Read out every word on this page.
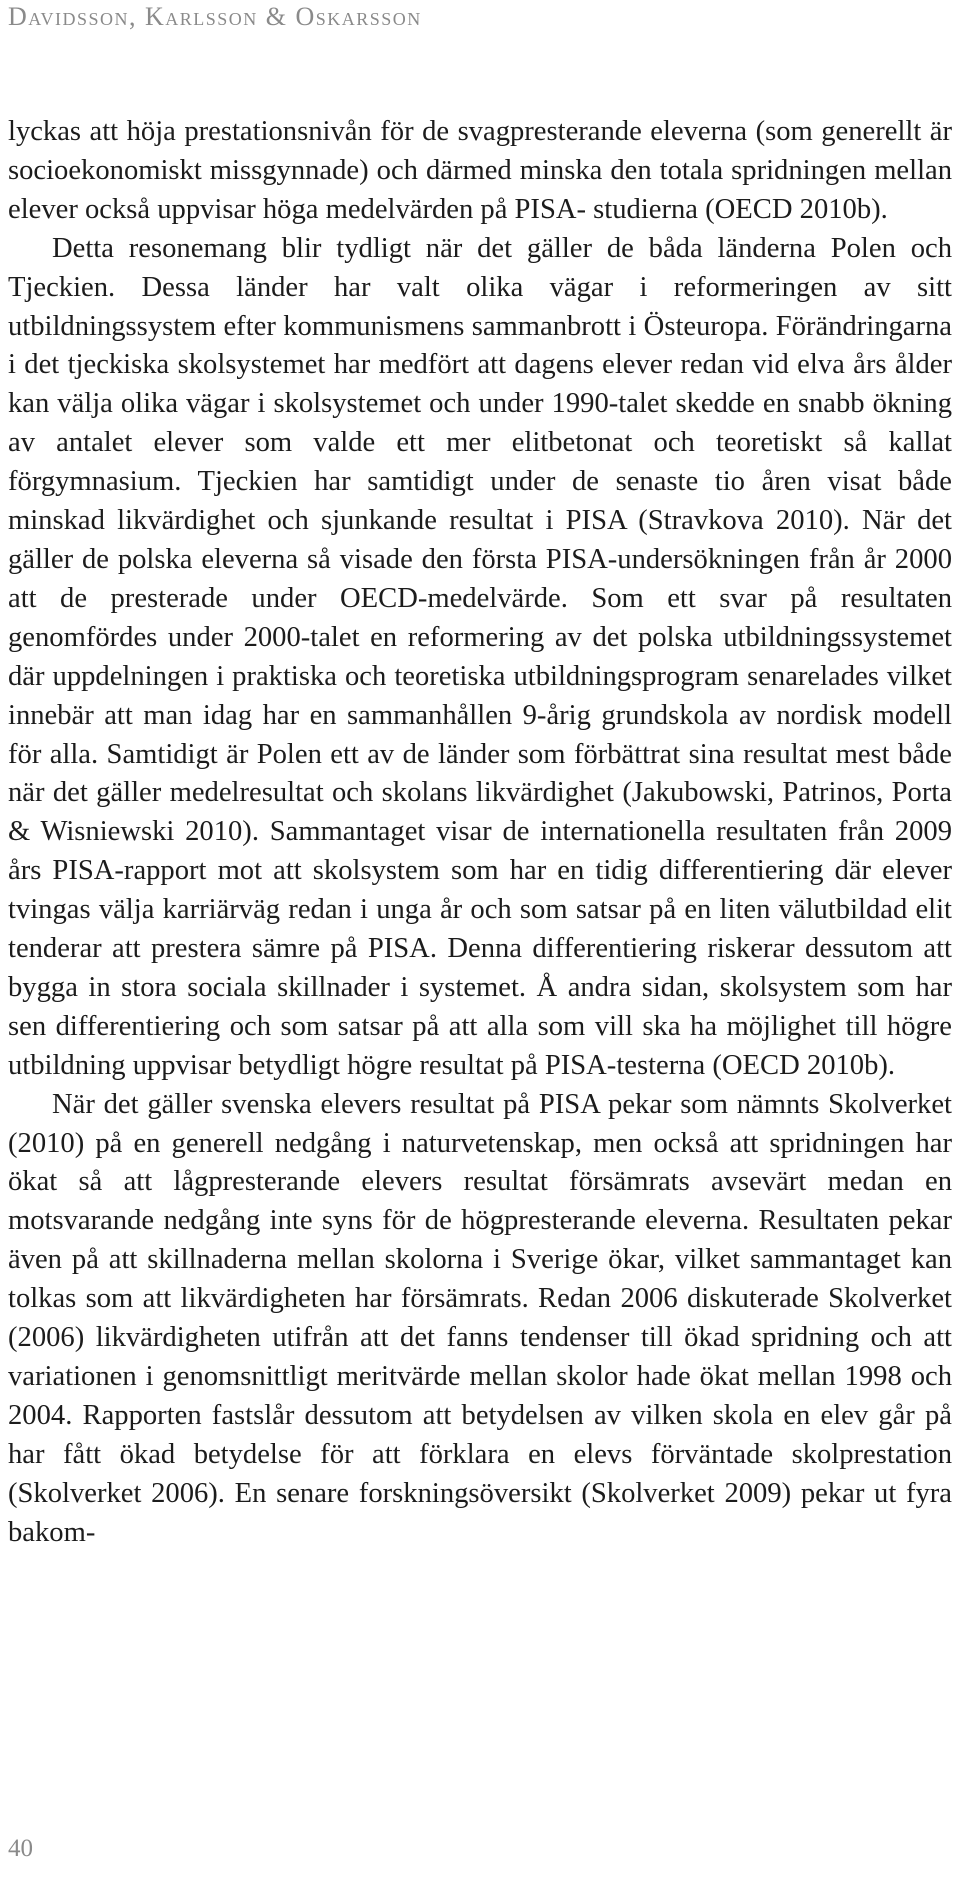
Davidsson, Karlsson & Oskarsson

lyckas att höja prestationsnivån för de svagpresterande eleverna (som generellt är socioekonomiskt missgynnade) och därmed minska den totala spridningen mellan elever också uppvisar höga medelvärden på PISA- studierna (OECD 2010b).

Detta resonemang blir tydligt när det gäller de båda länderna Polen och Tjeckien. Dessa länder har valt olika vägar i reformeringen av sitt utbildningssystem efter kommunismens sammanbrott i Östeuropa. Förändringarna i det tjeckiska skolsystemet har medfört att dagens elever redan vid elva års ålder kan välja olika vägar i skolsystemet och under 1990-talet skedde en snabb ökning av antalet elever som valde ett mer elitbetonat och teoretiskt så kallat förgymnasium. Tjeckien har samtidigt under de senaste tio åren visat både minskad likvärdighet och sjunkande resultat i PISA (Stravkova 2010). När det gäller de polska eleverna så visade den första PISA-undersökningen från år 2000 att de presterade under OECD-medelvärde. Som ett svar på resultaten genomfördes under 2000-talet en reformering av det polska utbildningssystemet där uppdelningen i praktiska och teoretiska utbildningsprogram senarelades vilket innebär att man idag har en sammanhållen 9-årig grundskola av nordisk modell för alla. Samtidigt är Polen ett av de länder som förbättrat sina resultat mest både när det gäller medelresultat och skolans likvärdighet (Jakubowski, Patrinos, Porta & Wisniewski 2010). Sammantaget visar de internationella resultaten från 2009 års PISA-rapport mot att skolsystem som har en tidig differentiering där elever tvingas välja karriärväg redan i unga år och som satsar på en liten välutbildad elit tenderar att prestera sämre på PISA. Denna differentiering riskerar dessutom att bygga in stora sociala skillnader i systemet. Å andra sidan, skolsystem som har sen differentiering och som satsar på att alla som vill ska ha möjlighet till högre utbildning uppvisar betydligt högre resultat på PISA-testerna (OECD 2010b).

När det gäller svenska elevers resultat på PISA pekar som nämnts Skolverket (2010) på en generell nedgång i naturvetenskap, men också att spridningen har ökat så att lågpresterande elevers resultat försämrats avsevärt medan en motsvarande nedgång inte syns för de högpresterande eleverna. Resultaten pekar även på att skillnaderna mellan skolorna i Sverige ökar, vilket sammantaget kan tolkas som att likvärdigheten har försämrats. Redan 2006 diskuterade Skolverket (2006) likvärdigheten utifrån att det fanns tendenser till ökad spridning och att variationen i genomsnittligt meritvärde mellan skolor hade ökat mellan 1998 och 2004. Rapporten fastslår dessutom att betydelsen av vilken skola en elev går på har fått ökad betydelse för att förklara en elevs förväntade skolprestation (Skolverket 2006). En senare forskningsöversikt (Skolverket 2009) pekar ut fyra bakom-

40
